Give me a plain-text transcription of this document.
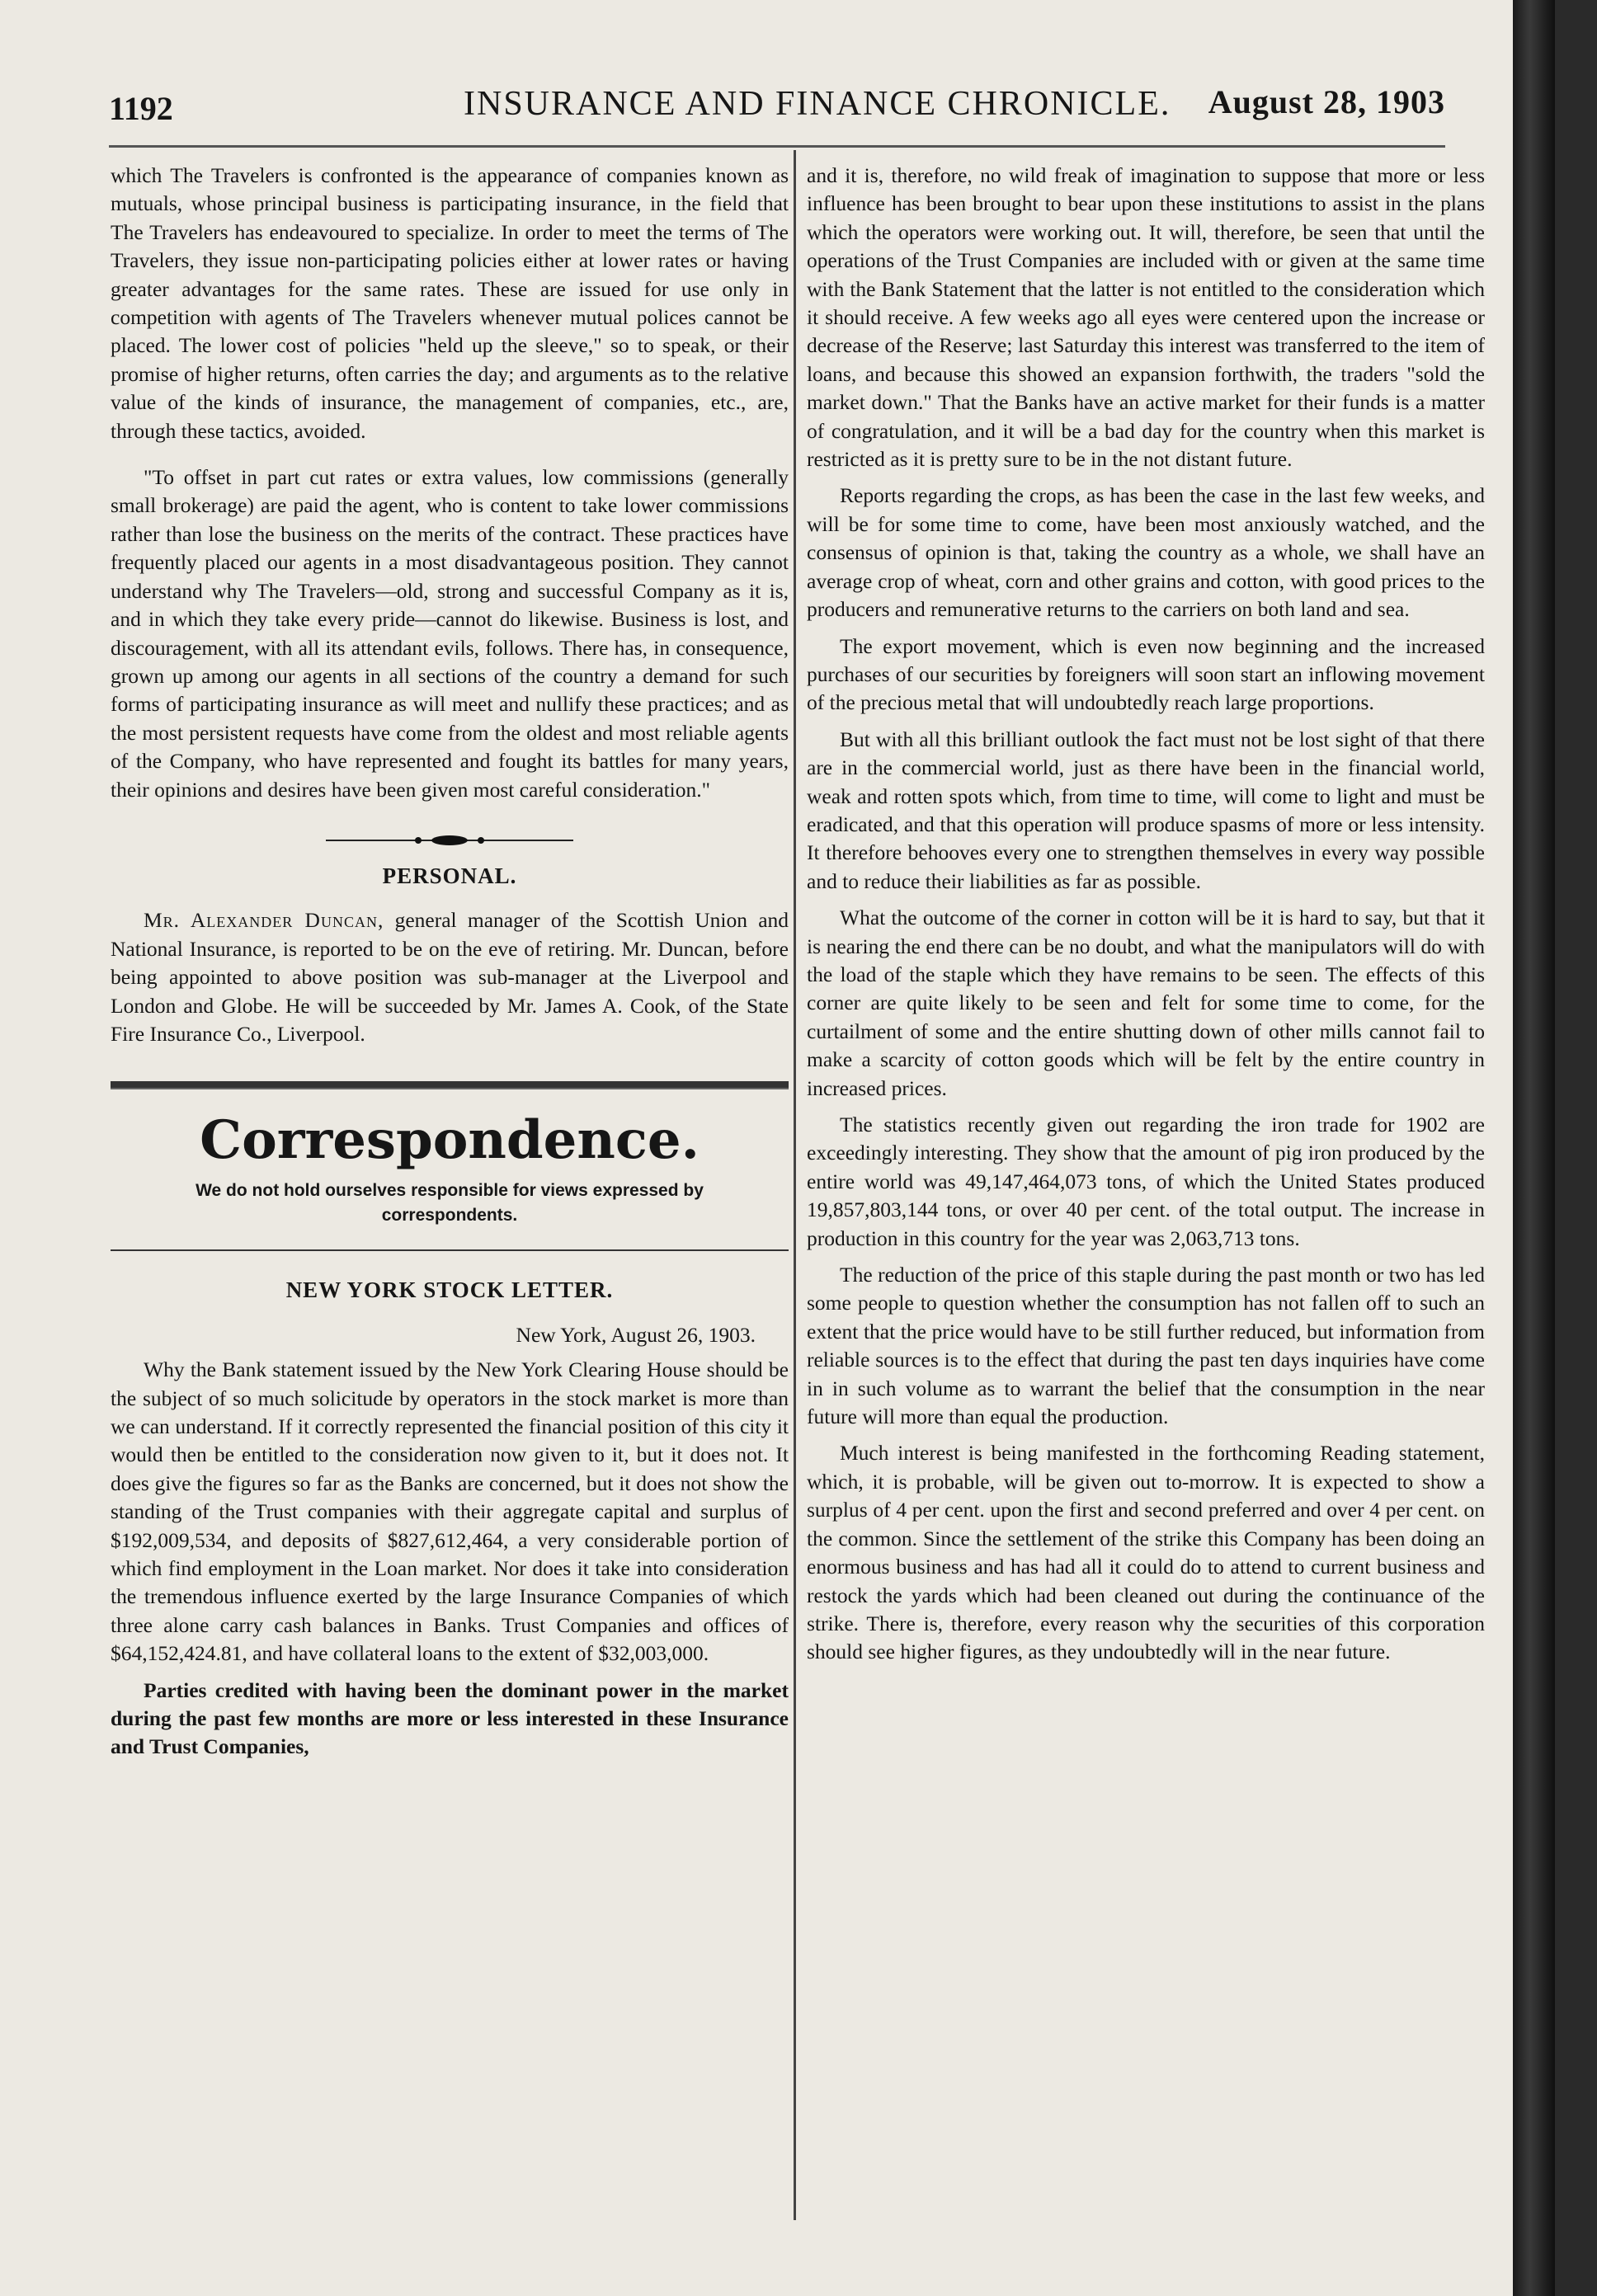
1192	INSURANCE AND FINANCE CHRONICLE. August 28, 1903

which The Travelers is confronted is the appearance of companies known as mutuals, whose principal business is participating insurance, in the field that The Travelers has endeavoured to specialize. In order to meet the terms of The Travelers, they issue non-participating policies either at lower rates or having greater advantages for the same rates. These are issued for use only in competition with agents of The Travelers whenever mutual polices cannot be placed. The lower cost of policies "held up the sleeve," so to speak, or their promise of higher returns, often carries the day; and arguments as to the relative value of the kinds of insurance, the management of companies, etc., are, through these tactics, avoided.

"To offset in part cut rates or extra values, low commissions (generally small brokerage) are paid the agent, who is content to take lower commissions rather than lose the business on the merits of the contract. These practices have frequently placed our agents in a most disadvantageous position. They cannot understand why The Travelers—old, strong and successful Company as it is, and in which they take every pride—cannot do likewise. Business is lost, and discouragement, with all its attendant evils, follows. There has, in consequence, grown up among our agents in all sections of the country a demand for such forms of participating insurance as will meet and nullify these practices; and as the most persistent requests have come from the oldest and most reliable agents of the Company, who have represented and fought its battles for many years, their opinions and desires have been given most careful consideration."

PERSONAL.

Mr. Alexander Duncan, general manager of the Scottish Union and National Insurance, is reported to be on the eve of retiring. Mr. Duncan, before being appointed to above position was sub-manager at the Liverpool and London and Globe. He will be succeeded by Mr. James A. Cook, of the State Fire Insurance Co., Liverpool.

Correspondence.
We do not hold ourselves responsible for views expressed by correspondents.
NEW YORK STOCK LETTER.
New York, August 26, 1903.

Why the Bank statement issued by the New York Clearing House should be the subject of so much solicitude by operators in the stock market is more than we can understand. If it correctly represented the financial position of this city it would then be entitled to the consideration now given to it, but it does not. It does give the figures so far as the Banks are concerned, but it does not show the standing of the Trust companies with their aggregate capital and surplus of $192,009,534, and deposits of $827,612,464, a very considerable portion of which find employment in the Loan market. Nor does it take into consideration the tremendous influence exerted by the large Insurance Companies of which three alone carry cash balances in Banks. Trust Companies and offices of $64,152,424.81, and have collateral loans to the extent of $32,003,000.

Parties credited with having been the dominant power in the market during the past few months are more or less interested in these Insurance and Trust Companies,

and it is, therefore, no wild freak of imagination to suppose that more or less influence has been brought to bear upon these institutions to assist in the plans which the operators were working out. It will, therefore, be seen that until the operations of the Trust Companies are included with or given at the same time with the Bank Statement that the latter is not entitled to the consideration which it should receive. A few weeks ago all eyes were centered upon the increase or decrease of the Reserve; last Saturday this interest was transferred to the item of loans, and because this showed an expansion forthwith, the traders "sold the market down." That the Banks have an active market for their funds is a matter of congratulation, and it will be a bad day for the country when this market is restricted as it is pretty sure to be in the not distant future.

Reports regarding the crops, as has been the case in the last few weeks, and will be for some time to come, have been most anxiously watched, and the consensus of opinion is that, taking the country as a whole, we shall have an average crop of wheat, corn and other grains and cotton, with good prices to the producers and remunerative returns to the carriers on both land and sea.

The export movement, which is even now beginning and the increased purchases of our securities by foreigners will soon start an inflowing movement of the precious metal that will undoubtedly reach large proportions.

But with all this brilliant outlook the fact must not be lost sight of that there are in the commercial world, just as there have been in the financial world, weak and rotten spots which, from time to time, will come to light and must be eradicated, and that this operation will produce spasms of more or less intensity. It therefore behooves every one to strengthen themselves in every way possible and to reduce their liabilities as far as possible.

What the outcome of the corner in cotton will be it is hard to say, but that it is nearing the end there can be no doubt, and what the manipulators will do with the load of the staple which they have remains to be seen. The effects of this corner are quite likely to be seen and felt for some time to come, for the curtailment of some and the entire shutting down of other mills cannot fail to make a scarcity of cotton goods which will be felt by the entire country in increased prices.

The statistics recently given out regarding the iron trade for 1902 are exceedingly interesting. They show that the amount of pig iron produced by the entire world was 49,147,464,073 tons, of which the United States produced 19,857,803,144 tons, or over 40 per cent. of the total output. The increase in production in this country for the year was 2,063,713 tons.

The reduction of the price of this staple during the past month or two has led some people to question whether the consumption has not fallen off to such an extent that the price would have to be still further reduced, but information from reliable sources is to the effect that during the past ten days inquiries have come in in such volume as to warrant the belief that the consumption in the near future will more than equal the production.

Much interest is being manifested in the forthcoming Reading statement, which, it is probable, will be given out to-morrow. It is expected to show a surplus of 4 per cent. upon the first and second preferred and over 4 per cent. on the common. Since the settlement of the strike this Company has been doing an enormous business and has had all it could do to attend to current business and restock the yards which had been cleaned out during the continuance of the strike. There is, therefore, every reason why the securities of this corporation should see higher figures, as they undoubtedly will in the near future.
